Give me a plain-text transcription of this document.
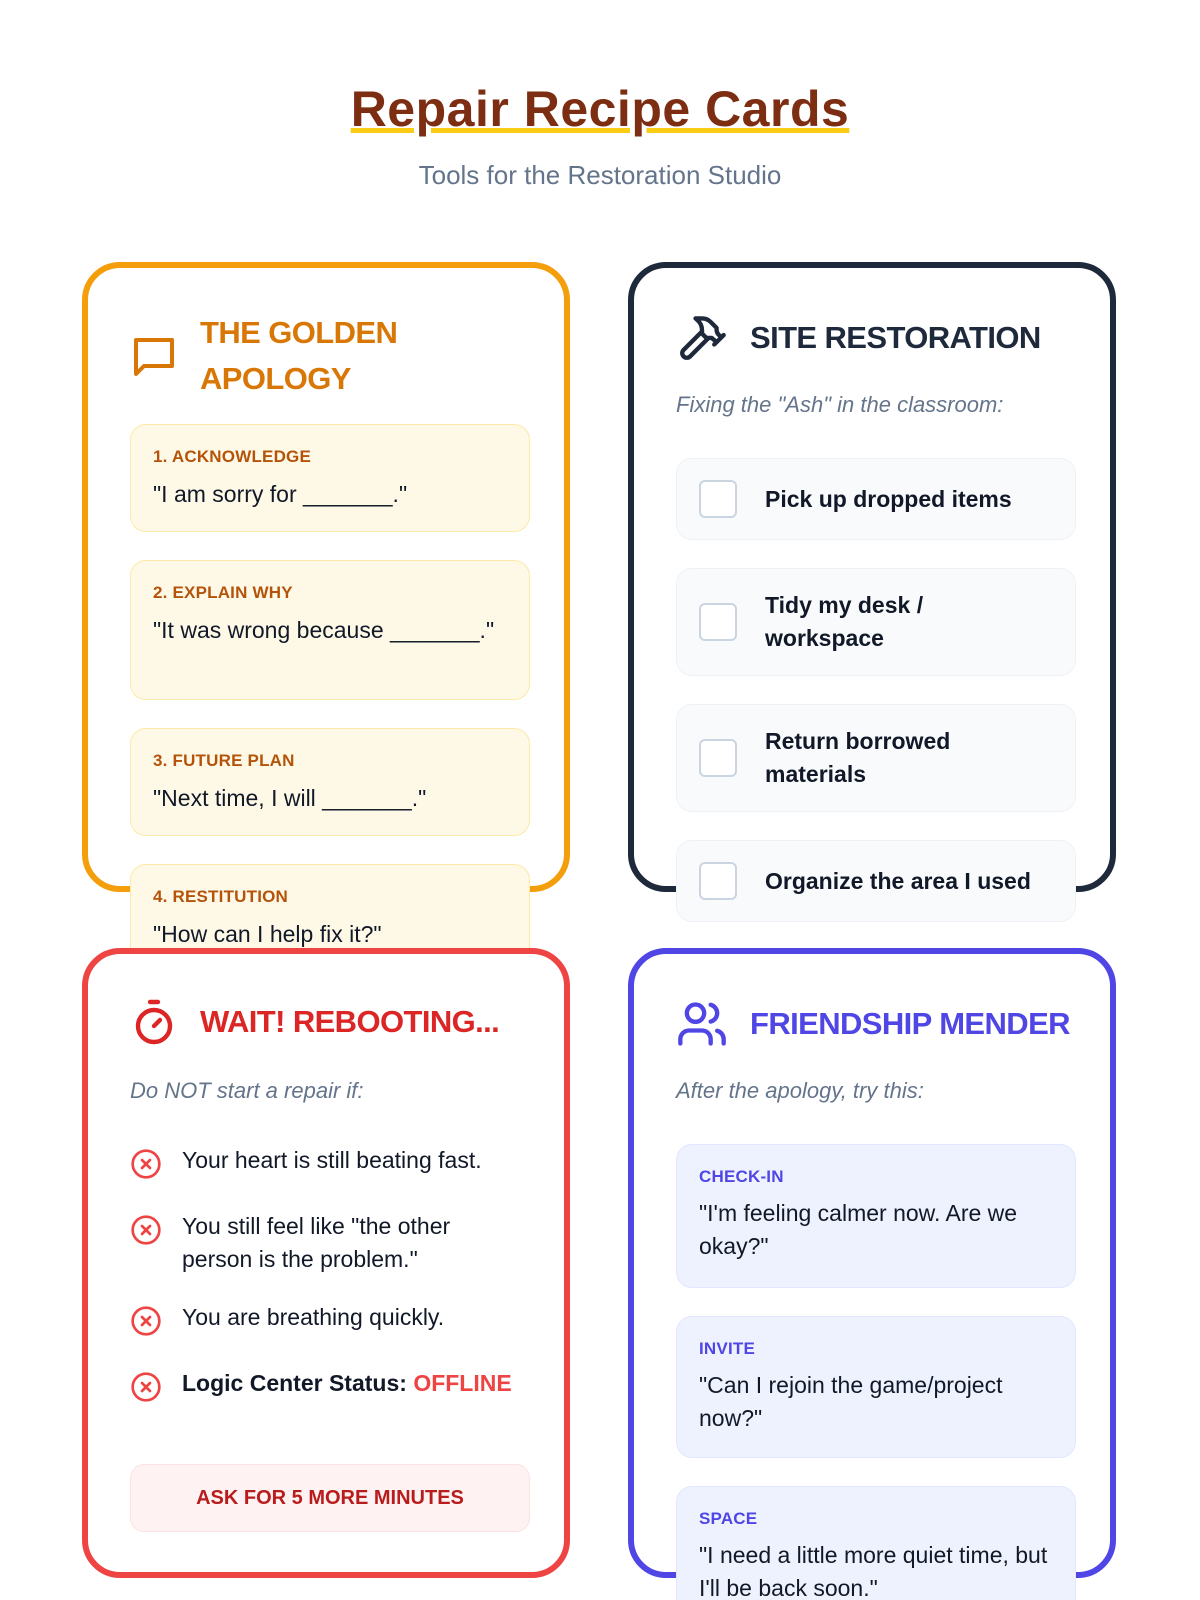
Repair Recipe Cards
Tools for the Restoration Studio
THE GOLDEN
APOLOGY
1. ACKNOWLEDGE
"I am sorry for _______."
2. EXPLAIN WHY
"It was wrong because _______."
3. FUTURE PLAN
"Next time, I will _______."
4. RESTITUTION
"How can I help fix it?"
SITE RESTORATION
Fixing the "Ash" in the classroom:
Pick up dropped items
Tidy my desk / workspace
Return borrowed materials
Organize the area I used
WAIT! REBOOTING...
Do NOT start a repair if:
Your heart is still beating fast.
You still feel like "the other person is the problem."
You are breathing quickly.
Logic Center Status: OFFLINE
ASK FOR 5 MORE MINUTES
FRIENDSHIP MENDER
After the apology, try this:
CHECK-IN
"I'm feeling calmer now. Are we okay?"
INVITE
"Can I rejoin the game/project now?"
SPACE
"I need a little more quiet time, but I'll be back soon."
